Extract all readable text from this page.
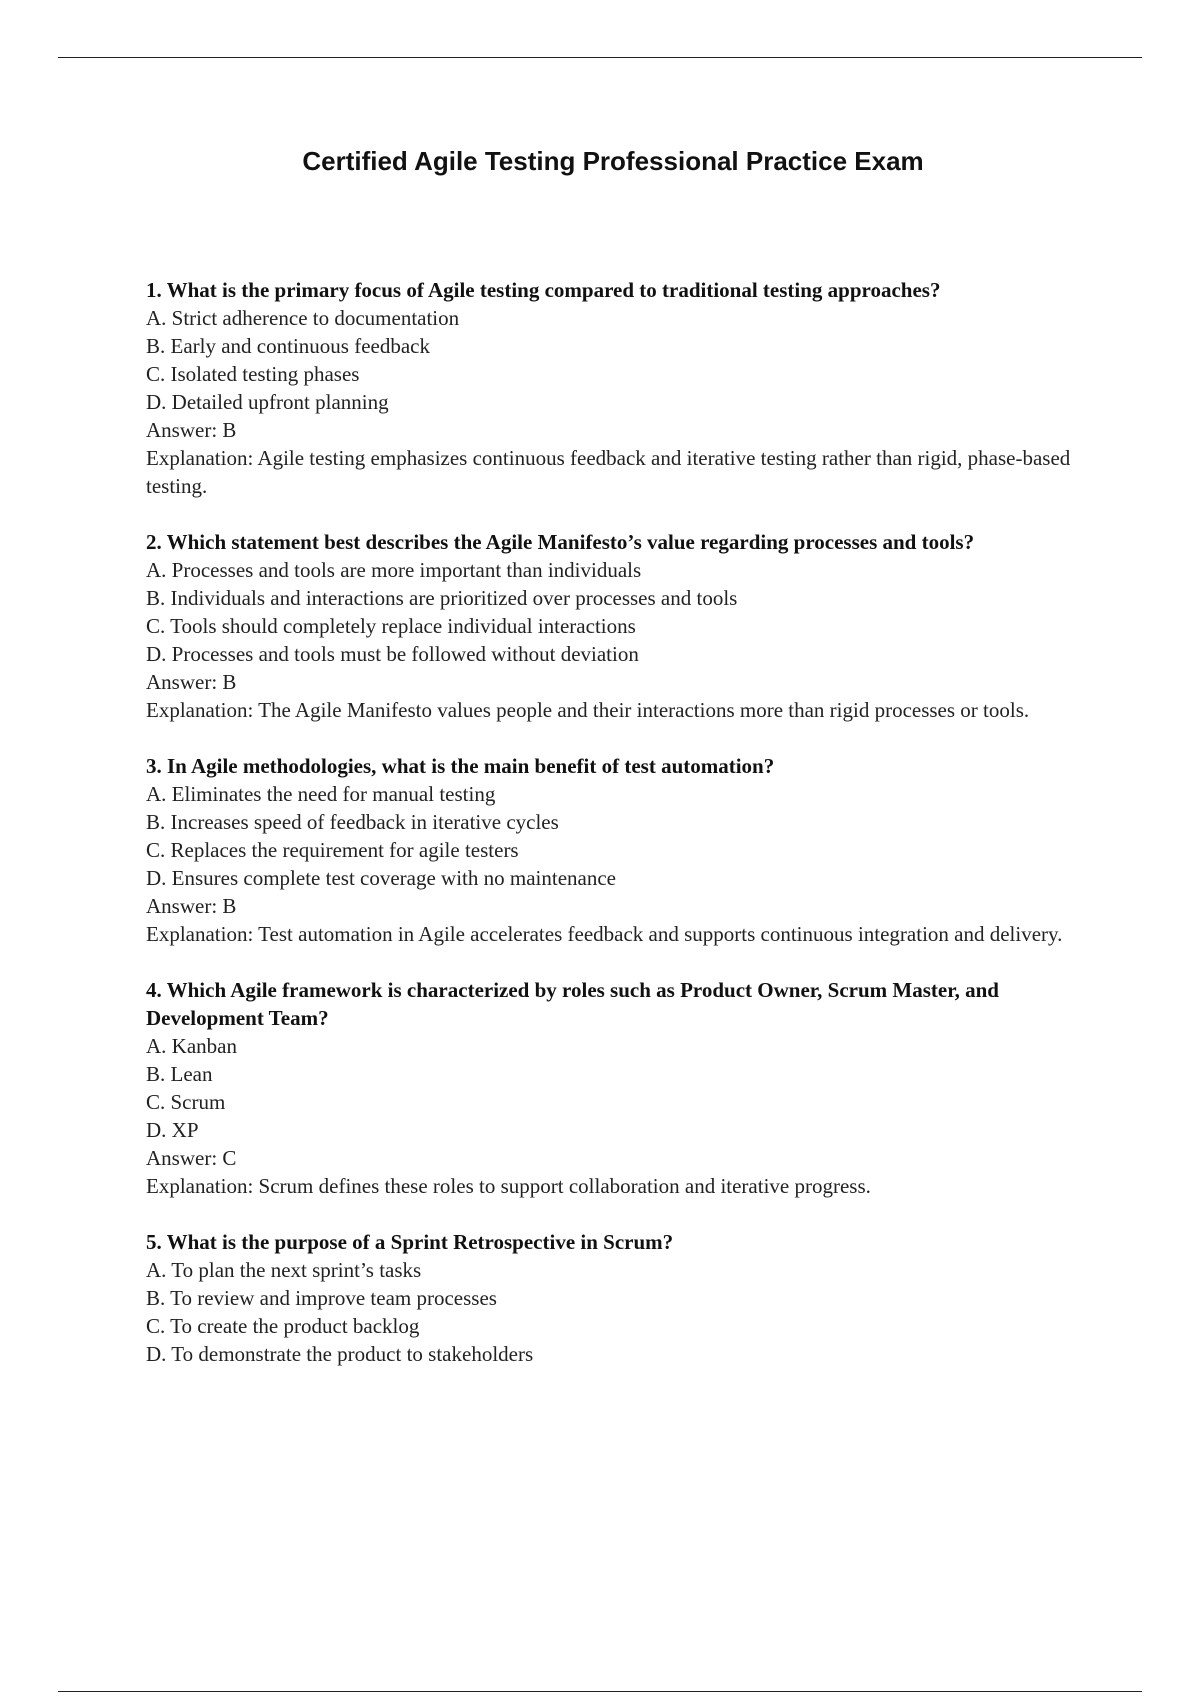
Certified Agile Testing Professional Practice Exam

1. What is the primary focus of Agile testing compared to traditional testing approaches?

A. Strict adherence to documentation

B. Early and continuous feedback

C. Isolated testing phases

D. Detailed upfront planning

Answer: B

Explanation: Agile testing emphasizes continuous feedback and iterative testing rather than rigid, phase-based testing.

2. Which statement best describes the Agile Manifesto’s value regarding processes and tools?

A. Processes and tools are more important than individuals

B. Individuals and interactions are prioritized over processes and tools

C. Tools should completely replace individual interactions

D. Processes and tools must be followed without deviation

Answer: B

Explanation: The Agile Manifesto values people and their interactions more than rigid processes or tools.

3. In Agile methodologies, what is the main benefit of test automation?

A. Eliminates the need for manual testing

B. Increases speed of feedback in iterative cycles

C. Replaces the requirement for agile testers

D. Ensures complete test coverage with no maintenance

Answer: B

Explanation: Test automation in Agile accelerates feedback and supports continuous integration and delivery.

4. Which Agile framework is characterized by roles such as Product Owner, Scrum Master, and Development Team?

A. Kanban

B. Lean

C. Scrum

D. XP

Answer: C

Explanation: Scrum defines these roles to support collaboration and iterative progress.

5. What is the purpose of a Sprint Retrospective in Scrum?

A. To plan the next sprint’s tasks

B. To review and improve team processes

C. To create the product backlog

D. To demonstrate the product to stakeholders
